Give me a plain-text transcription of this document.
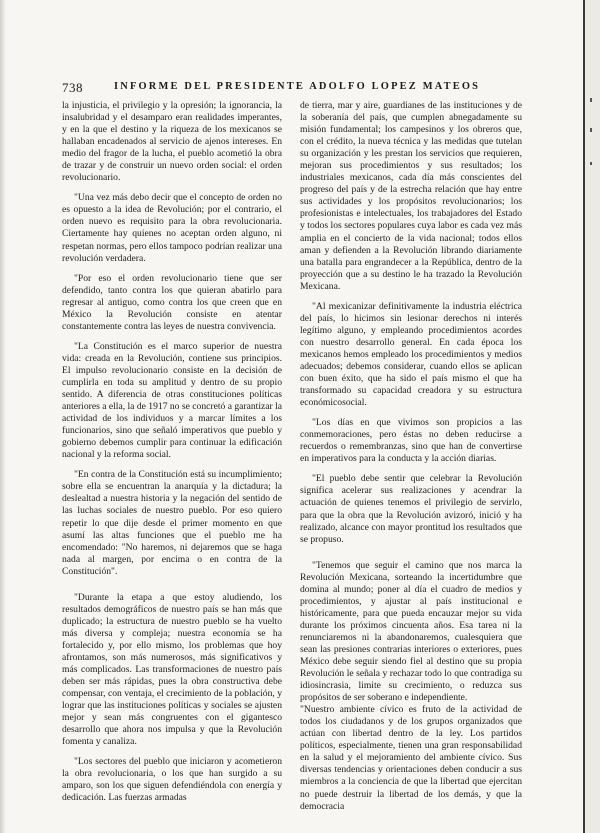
738	INFORME DEL PRESIDENTE ADOLFO LOPEZ MATEOS

la injusticia, el privilegio y la opresión; la ignorancia, la insalubridad y el desamparo eran realidades imperantes, y en la que el destino y la riqueza de los mexicanos se hallaban encadenados al servicio de ajenos intereses. En medio del fragor de la lucha, el pueblo acometió la obra de trazar y de construir un nuevo orden social: el orden revolucionario.

"Una vez más debo decir que el concepto de orden no es opuesto a la idea de Revolución; por el contrario, el orden nuevo es requisito para la obra revolucionaria. Ciertamente hay quienes no aceptan orden alguno, ni respetan normas, pero ellos tampoco podrían realizar una revolución verdadera.

"Por eso el orden revolucionario tiene que ser defendido, tanto contra los que quieran abatirlo para regresar al antiguo, como contra los que creen que en México la Revolución consiste en atentar constantemente contra las leyes de nuestra convivencia.

"La Constitución es el marco superior de nuestra vida: creada en la Revolución, contiene sus principios. El impulso revolucionario consiste en la decisión de cumplirla en toda su amplitud y dentro de su propio sentido. A diferencia de otras constituciones políticas anteriores a ella, la de 1917 no se concretó a garantizar la actividad de los individuos y a marcar límites a los funcionarios, sino que señaló imperativos que pueblo y gobierno debemos cumplir para continuar la edificación nacional y la reforma social.

"En contra de la Constitución está su incumplimiento; sobre ella se encuentran la anarquía y la dictadura; la deslealtad a nuestra historia y la negación del sentido de las luchas sociales de nuestro pueblo. Por eso quiero repetir lo que dije desde el primer momento en que asumí las altas funciones que el pueblo me ha encomendado: "No haremos, ni dejaremos que se haga nada al margen, por encima o en contra de la Constitución".

"Durante la etapa a que estoy aludiendo, los resultados demográficos de nuestro país se han más que duplicado; la estructura de nuestro pueblo se ha vuelto más diversa y compleja; nuestra economía se ha fortalecido y, por ello mismo, los problemas que hoy afrontamos, son más numerosos, más significativos y más complicados. Las transformaciones de nuestro país deben ser más rápidas, pues la obra constructiva debe compensar, con ventaja, el crecimiento de la población, y lograr que las instituciones políticas y sociales se ajusten mejor y sean más congruentes con el gigantesco desarrollo que ahora nos impulsa y que la Revolución fomenta y canaliza.

"Los sectores del pueblo que iniciaron y acometieron la obra revolucionaria, o los que han surgido a su amparo, son los que siguen defendiéndola con energía y dedicación. Las fuerzas armadas

de tierra, mar y aire, guardianes de las instituciones y de la soberanía del país, que cumplen abnegadamente su misión fundamental; los campesinos y los obreros que, con el crédito, la nueva técnica y las medidas que tutelan su organización y les prestan los servicios que requieren, mejoran sus procedimientos y sus resultados; los industriales mexicanos, cada día más conscientes del progreso del país y de la estrecha relación que hay entre sus actividades y los propósitos revolucionarios; los profesionistas e intelectuales, los trabajadores del Estado y todos los sectores populares cuya labor es cada vez más amplia en el concierto de la vida nacional; todos ellos aman y defienden a la Revolución librando diariamente una batalla para engrandecer a la República, dentro de la proyección que a su destino le ha trazado la Revolución Mexicana.

"Al mexicanizar definitivamente la industria eléctrica del país, lo hicimos sin lesionar derechos ni interés legítimo alguno, y empleando procedimientos acordes con nuestro desarrollo general. En cada época los mexicanos hemos empleado los procedimientos y medios adecuados; debemos considerar, cuando ellos se aplican con buen éxito, que ha sido el país mismo el que ha transformado su capacidad creadora y su estructura económicosocial.

"Los días en que vivimos son propicios a las conmemoraciones, pero éstas no deben reducirse a recuerdos o remembranzas, sino que han de convertirse en imperativos para la conducta y la acción diarias.

"El pueblo debe sentir que celebrar la Revolución significa acelerar sus realizaciones y acendrar la actuación de quienes tenemos el privilegio de servirlo, para que la obra que la Revolución avizoró, inició y ha realizado, alcance con mayor prontitud los resultados que se propuso.

"Tenemos que seguir el camino que nos marca la Revolución Mexicana, sorteando la incertidumbre que domina al mundo; poner al día el cuadro de medios y procedimientos, y ajustar al país institucional e históricamente, para que pueda encauzar mejor su vida durante los próximos cincuenta años. Esa tarea ni la renunciaremos ni la abandonaremos, cualesquiera que sean las presiones contrarias interiores o exteriores, pues México debe seguir siendo fiel al destino que su propia Revolución le señala y rechazar todo lo que contradiga su idiosincrasia, limite su crecimiento, o reduzca sus propósitos de ser soberano e independiente.

"Nuestro ambiente cívico es fruto de la actividad de todos los ciudadanos y de los grupos organizados que actúan con libertad dentro de la ley. Los partidos políticos, especialmente, tienen una gran responsabilidad en la salud y el mejoramiento del ambiente cívico. Sus diversas tendencias y orientaciones deben conducir a sus miembros a la conciencia de que la libertad que ejercitan no puede destruir la libertad de los demás, y que la democracia
